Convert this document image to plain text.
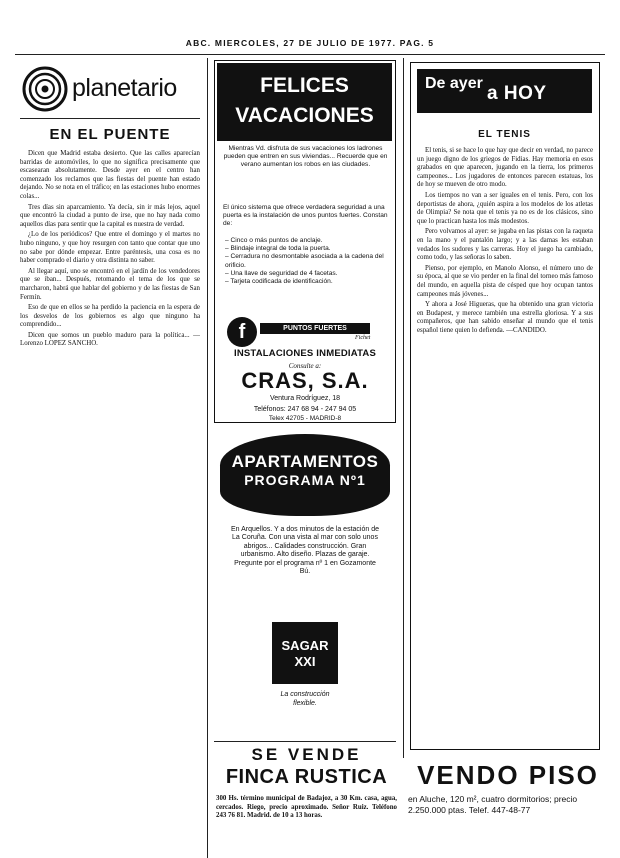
ABC. MIERCOLES, 27 DE JULIO DE 1977. PAG. 5
planetario
EN EL PUENTE

Dicen que Madrid estaba desierto. Que las calles aparecían barridas de automóviles, lo que no significa precisamente que escasearan absolutamente. Desde ayer en el centro han comenzado los reclamos que las fiestas del puente han estado dejando. No se nota en el tráfico; en las estaciones hubo enormes colas...

Tres días sin aparcamiento. Ya decía, sin ir más lejos, aquel que encontró la ciudad a punto de irse, que no hay nada como aquellos días para sentir que la capital es nuestra de verdad.

¿Lo de los periódicos? Que entre el domingo y el martes no hubo ninguno, y que hoy resurgen con tanto que contar que uno no sabe por dónde empezar. Entre paréntesis, una cosa es no haber comprado el diario y otra distinta no saber.

Al llegar aquí, uno se encontró en el jardín de los vendedores que se iban... Después, retomando el tema de los que se marcharon, habrá que hablar del gobierno y de las fiestas de San Fermín.

Eso de que en ellos se ha perdido la paciencia en la espera de los desvelos de los gobiernos es algo que ninguno ha comprendido...

Dicen que somos un pueblo maduro para la política... —Lorenzo LOPEZ SANCHO.

FELICES
VACACIONES
Mientras Vd. disfruta de sus vacaciones los ladrones pueden que entren en sus viviendas... Recuerde que en verano aumentan los robos en las ciudades.
El único sistema que ofrece verdadera seguridad a una puerta es la instalación de unos puntos fuertes. Constan de:
– Cinco o más puntos de anclaje.
– Blindaje integral de toda la puerta.
– Cerradura no desmontable asociada a la cadena del orificio.
– Una llave de seguridad de 4 facetas.
– Tarjeta codificada de identificación.
f	PUNTOS FUERTES
Fichet
INSTALACIONES INMEDIATAS
Consulte a:
CRAS, S.A.
Ventura Rodríguez, 18
Teléfonos: 247 68 94 - 247 94 05
Telex 42705 - MADRID-8
APARTAMENTOS
PROGRAMA Nº1
En Arquellos. Y a dos minutos de la estación de La Coruña. Con una vista al mar con solo unos abrigos... Calidades construcción. Gran urbanismo. Alto diseño. Plazas de garaje. Pregunte por el programa nº 1 en Gozamonte Bú.
SAGAR XXI
La construcción
flexible.
SE VENDE
FINCA RUSTICA
300 Hs. término municipal de Badajoz, a 30 Km. casa, agua, cercados. Riego, precio aproximado. Señor Ruiz. Teléfono 243 76 81. Madrid. de 10 a 13 horas.
De ayer a HOY
EL TENIS

El tenis, si se hace lo que hay que decir en verdad, no parece un juego digno de los griegos de Fidias. Hay memoria en esos grabados en que aparecen, jugando en la tierra, los primeros campeones... Los jugadores de entonces parecen estatuas, los de hoy se mueven de otro modo.

Los tiempos no van a ser iguales en el tenis. Pero, con los deportistas de ahora, ¿quién aspira a los modelos de los atletas de Olimpia? Se nota que el tenis ya no es de los clásicos, sino que lo practican hasta los más modestos.

Pero volvamos al ayer: se jugaba en las pistas con la raqueta en la mano y el pantalón largo; y a las damas les estaban vedados los sudores y las carreras. Hoy el juego ha cambiado, como todo, y las señoras lo saben.

Pienso, por ejemplo, en Manolo Alonso, el número uno de su época, al que se vio perder en la final del torneo más famoso del mundo, en aquella pista de césped que hoy ocupan tantos campeones más jóvenes...

Y ahora a José Higueras, que ha obtenido una gran victoria en Budapest, y merece también una estrella gloriosa. Y a sus compañeros, que han sabido enseñar al mundo que el tenis español tiene quien lo defienda. —CANDIDO.

VENDO PISO
en Aluche, 120 m², cuatro dormitorios; precio 2.250.000 ptas. Telef. 447-48-77
